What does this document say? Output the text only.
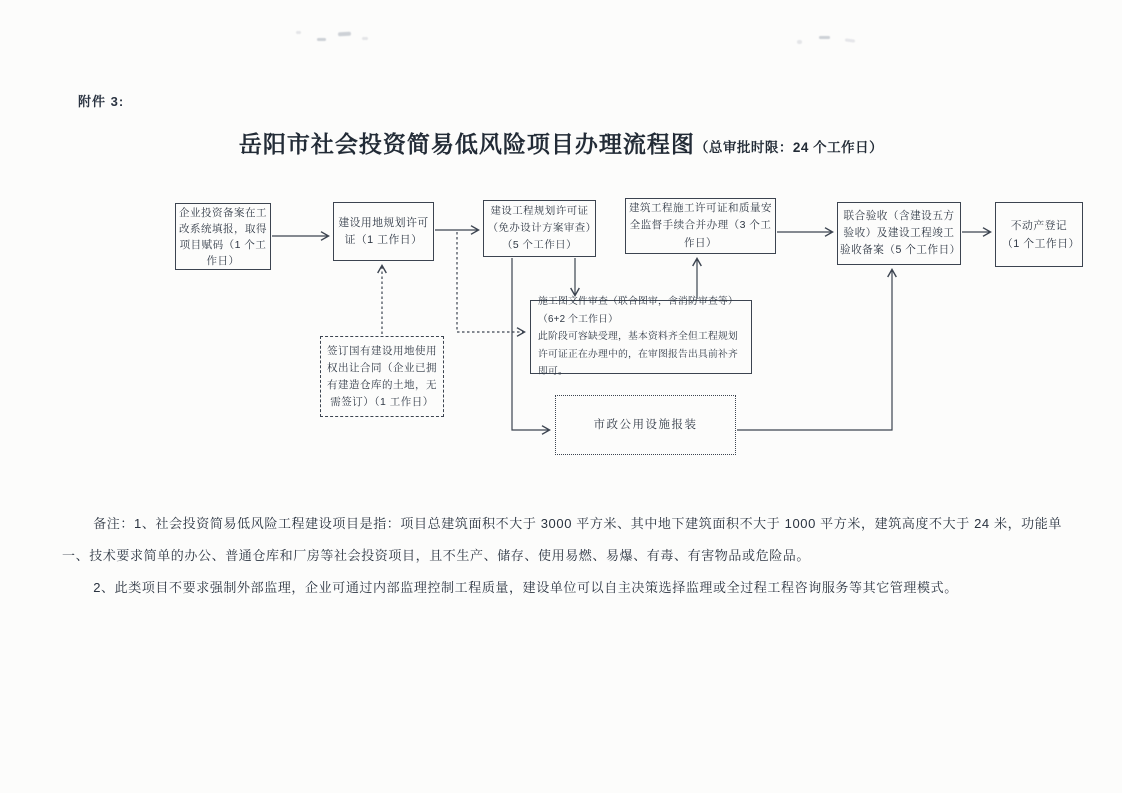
附件 3:
岳阳市社会投资简易低风险项目办理流程图（总审批时限：24 个工作日）
企业投资备案在工改系统填报，取得项目赋码（1 个工作日）
建设用地规划许可证（1 工作日）
建设工程规划许可证（免办设计方案审查）（5 个工作日）
建筑工程施工许可证和质量安全监督手续合并办理（3 个工作日）
联合验收（含建设五方验收）及建设工程竣工验收备案（5 个工作日）
不动产登记（1 个工作日）
施工图文件审查（联合图审，含消防审查等）（6+2 个工作日）
此阶段可容缺受理，基本资料齐全但工程规划许可证正在办理中的，在审图报告出具前补齐即可。
签订国有建设用地使用权出让合同（企业已拥有建造仓库的土地，无需签订）（1 工作日）
市政公用设施报装

备注：1、社会投资简易低风险工程建设项目是指：项目总建筑面积不大于 3000 平方米、其中地下建筑面积不大于 1000 平方米，建筑高度不大于 24 米，功能单一、技术要求简单的办公、普通仓库和厂房等社会投资项目，且不生产、储存、使用易燃、易爆、有毒、有害物品或危险品。

2、此类项目不要求强制外部监理，企业可通过内部监理控制工程质量，建设单位可以自主决策选择监理或全过程工程咨询服务等其它管理模式。
